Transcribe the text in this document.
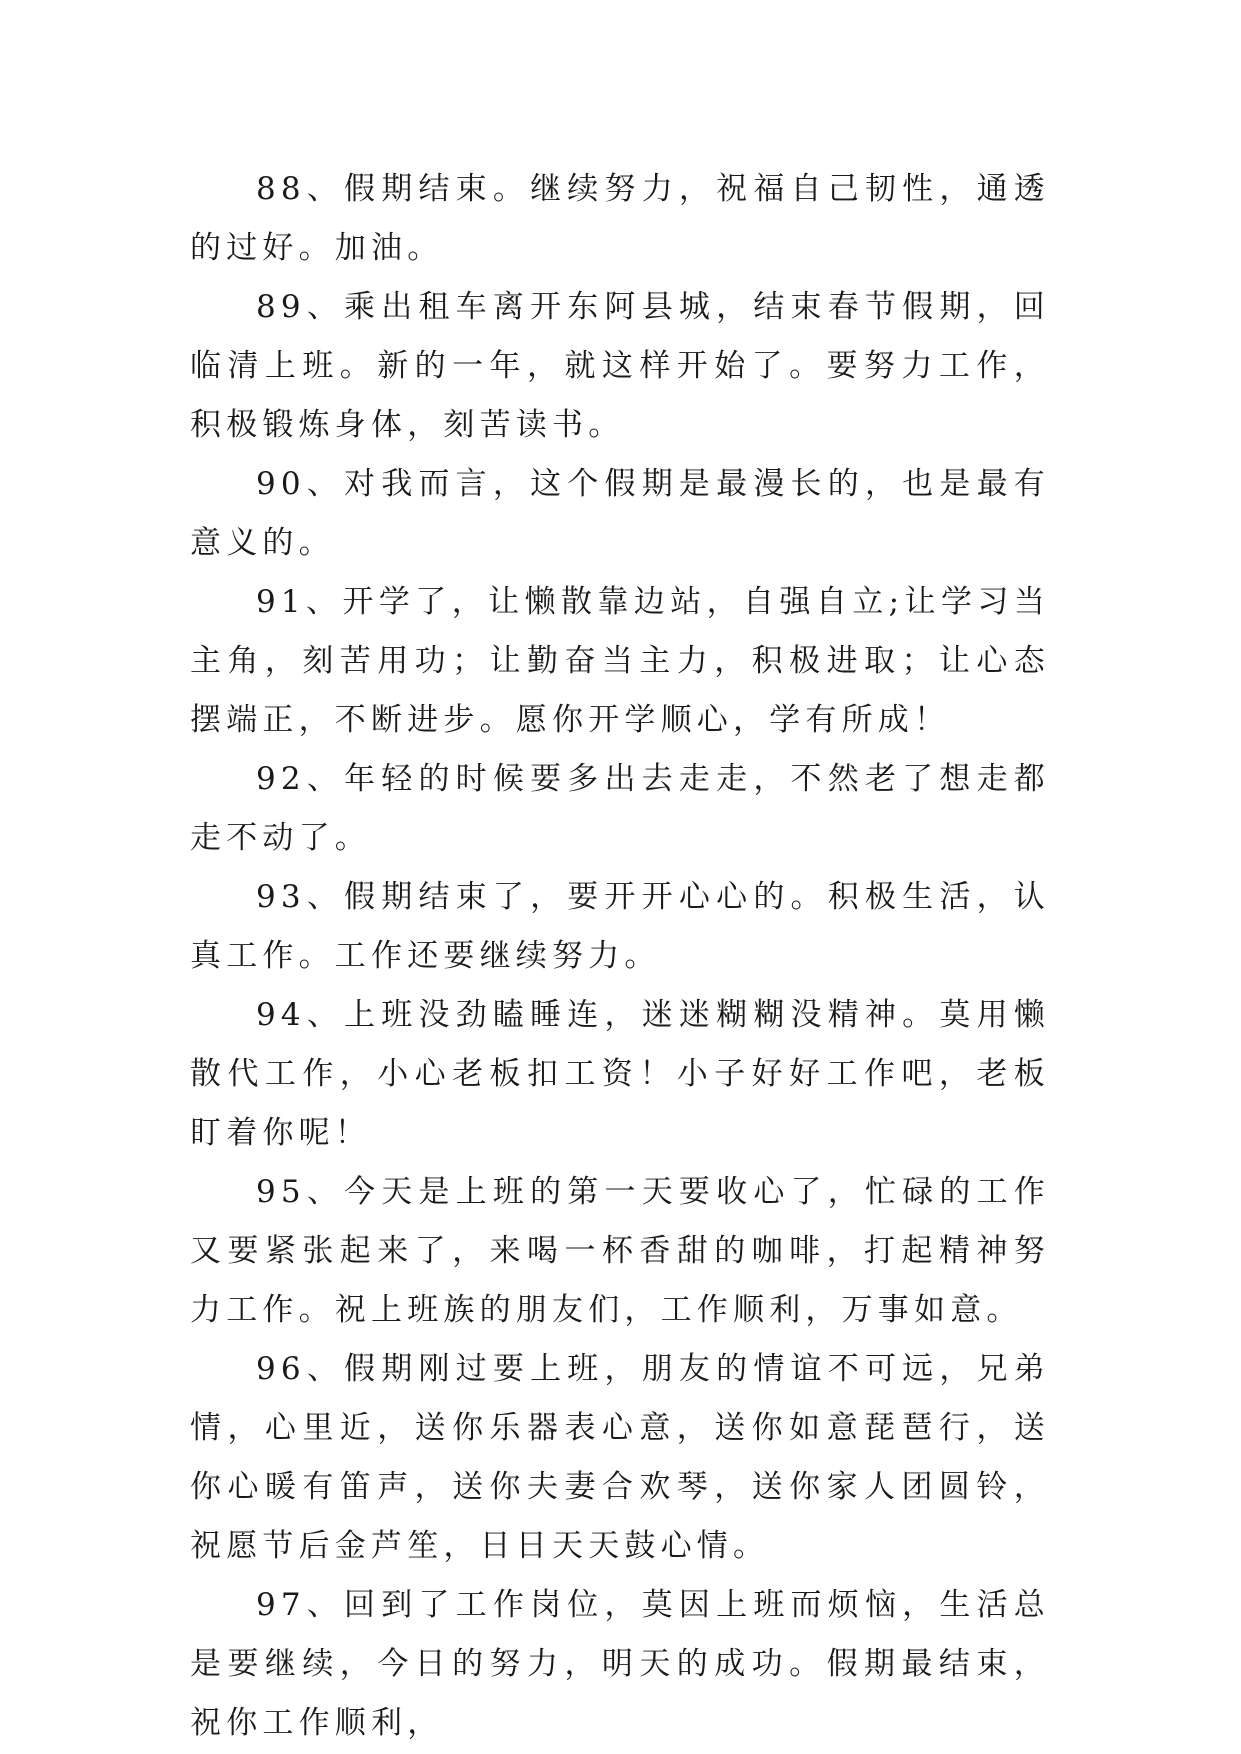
88、假期结束。继续努力，祝福自己韧性，通透的过好。加油。

89、乘出租车离开东阿县城，结束春节假期，回临清上班。新的一年，就这样开始了。要努力工作，积极锻炼身体，刻苦读书。

90、对我而言，这个假期是最漫长的，也是最有意义的。

91、开学了，让懒散靠边站，自强自立;让学习当主角，刻苦用功；让勤奋当主力，积极进取；让心态摆端正，不断进步。愿你开学顺心，学有所成！

92、年轻的时候要多出去走走，不然老了想走都走不动了。

93、假期结束了，要开开心心的。积极生活，认真工作。工作还要继续努力。

94、上班没劲瞌睡连，迷迷糊糊没精神。莫用懒散代工作，小心老板扣工资！小子好好工作吧，老板盯着你呢！

95、今天是上班的第一天要收心了，忙碌的工作又要紧张起来了，来喝一杯香甜的咖啡，打起精神努力工作。祝上班族的朋友们，工作顺利，万事如意。

96、假期刚过要上班，朋友的情谊不可远，兄弟情，心里近，送你乐器表心意，送你如意琵琶行，送你心暖有笛声，送你夫妻合欢琴，送你家人团圆铃，祝愿节后金芦笙，日日天天鼓心情。

97、回到了工作岗位，莫因上班而烦恼，生活总是要继续，今日的努力，明天的成功。假期最结束，祝你工作顺利，
